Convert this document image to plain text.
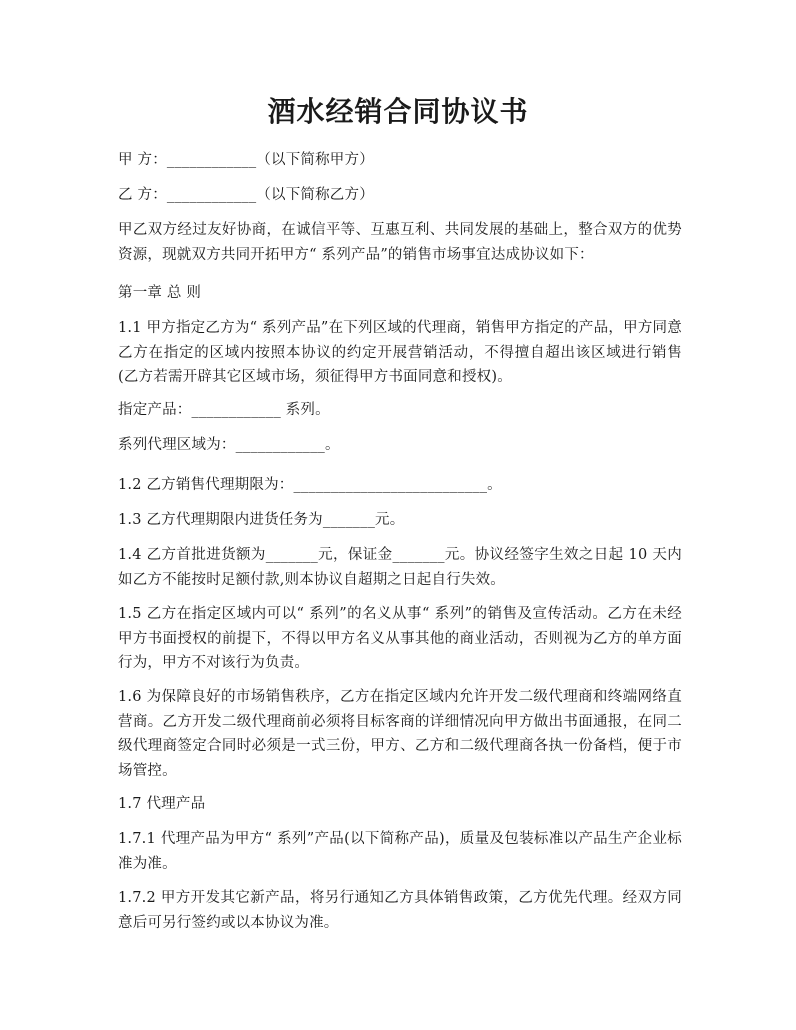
酒水经销合同协议书

甲 方：____________（以下简称甲方）

乙 方：____________（以下简称乙方）

甲乙双方经过友好协商，在诚信平等、互惠互利、共同发展的基础上，整合双方的优势资源，现就双方共同开拓甲方“ 系列产品”的销售市场事宜达成协议如下：

第一章 总 则

1.1 甲方指定乙方为“ 系列产品”在下列区域的代理商，销售甲方指定的产品，甲方同意乙方在指定的区域内按照本协议的约定开展营销活动，不得擅自超出该区域进行销售(乙方若需开辟其它区域市场，须征得甲方书面同意和授权)。

指定产品：____________ 系列。

系列代理区域为：____________。

1.2 乙方销售代理期限为：__________________________。

1.3 乙方代理期限内进货任务为_______元。

1.4 乙方首批进货额为_______元，保证金_______元。协议经签字生效之日起 10 天内如乙方不能按时足额付款,则本协议自超期之日起自行失效。

1.5 乙方在指定区域内可以“ 系列”的名义从事“ 系列”的销售及宣传活动。乙方在未经甲方书面授权的前提下，不得以甲方名义从事其他的商业活动，否则视为乙方的单方面行为，甲方不对该行为负责。

1.6 为保障良好的市场销售秩序，乙方在指定区域内允许开发二级代理商和终端网络直营商。乙方开发二级代理商前必须将目标客商的详细情况向甲方做出书面通报，在同二级代理商签定合同时必须是一式三份，甲方、乙方和二级代理商各执一份备档，便于市场管控。

1.7 代理产品

1.7.1 代理产品为甲方“ 系列”产品(以下简称产品)，质量及包装标准以产品生产企业标准为准。

1.7.2 甲方开发其它新产品，将另行通知乙方具体销售政策，乙方优先代理。经双方同意后可另行签约或以本协议为准。
